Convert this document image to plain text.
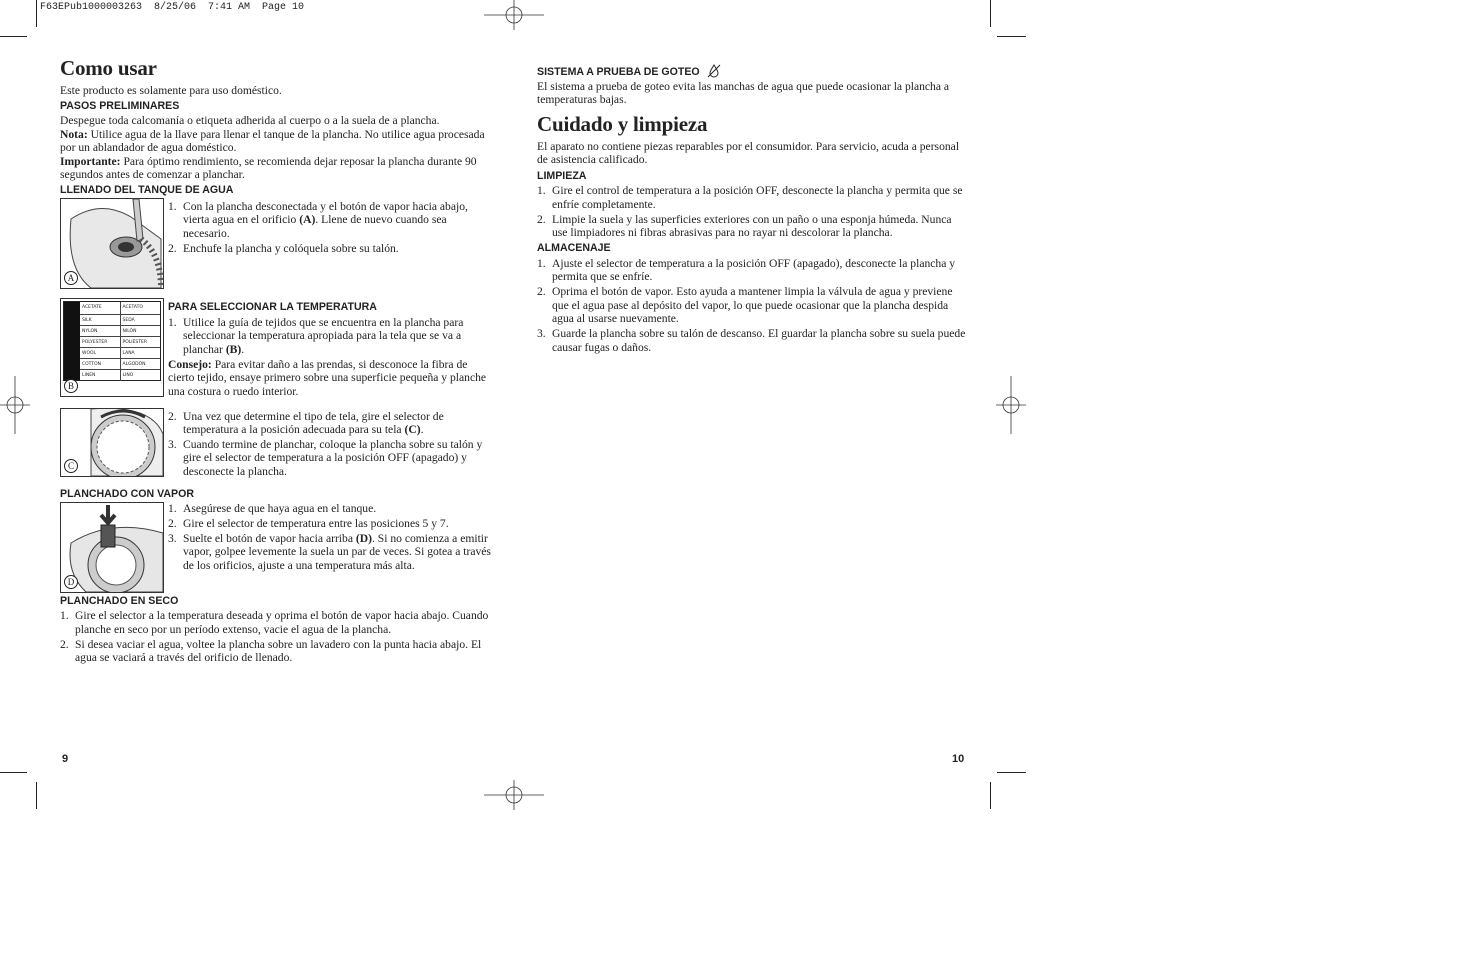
F63EPub1000003263  8/25/06  7:41 AM  Page 10
Como usar

Este producto es solamente para uso doméstico.

PASOS PRELIMINARES

Despegue toda calcomanía o etiqueta adherida al cuerpo o a la suela de a plancha.

Nota: Utilice agua de la llave para llenar el tanque de la plancha. No utilice agua procesada por un ablandador de agua doméstico.

Importante: Para óptimo rendimiento, se recomienda dejar reposar la plancha durante 90 segundos antes de comenzar a planchar.

LLENADO DEL TANQUE DE AGUA
A
1. Con la plancha desconectada y el botón de vapor hacia abajo, vierta agua en el orificio (A). Llene de nuevo cuando sea necesario.
2. Enchufe la plancha y colóquela sobre su talón.
ACETATE	ACETATO
SILK	SEDA
NYLON	NILÓN
POLYESTER	POLIÉSTER
WOOL	LANA
COTTON	ALGODÓN
LINEN	LINO
B
PARA SELECCIONAR LA TEMPERATURA
1. Utilice la guía de tejidos que se encuentra en la plancha para seleccionar la temperatura apropiada para la tela que se va a planchar (B).

Consejo: Para evitar daño a las prendas, si desconoce la fibra de cierto tejido, ensaye primero sobre una superficie pequeña y planche una costura o ruedo interior.

C
2. Una vez que determine el tipo de tela, gire el selector de temperatura a la posición adecuada para su tela (C).
3. Cuando termine de planchar, coloque la plancha sobre su talón y gire el selector de temperatura a la posición OFF (apagado) y desconecte la plancha.
PLANCHADO CON VAPOR
D
1. Asegúrese de que haya agua en el tanque.
2. Gire el selector de temperatura entre las posiciones 5 y 7.
3. Suelte el botón de vapor hacia arriba (D). Si no comienza a emitir vapor, golpee levemente la suela un par de veces. Si gotea a través de los orificios, ajuste a una temperatura más alta.
PLANCHADO EN SECO
1. Gire el selector a la temperatura deseada y oprima el botón de vapor hacia abajo. Cuando planche en seco por un período extenso, vacie el agua de la plancha.
2. Si desea vaciar el agua, voltee la plancha sobre un lavadero con la punta hacia abajo. El agua se vaciará a través del orificio de llenado.
9
SISTEMA A PRUEBA DE GOTEO

El sistema a prueba de goteo evita las manchas de agua que puede ocasionar la plancha a temperaturas bajas.

Cuidado y limpieza

El aparato no contiene piezas reparables por el consumidor. Para servicio, acuda a personal de asistencia calificado.

LIMPIEZA
1. Gire el control de temperatura a la posición OFF, desconecte la plancha y permita que se enfríe completamente.
2. Limpie la suela y las superficies exteriores con un paño o una esponja húmeda. Nunca use limpiadores ni fibras abrasivas para no rayar ni descolorar la plancha.
ALMACENAJE
1. Ajuste el selector de temperatura a la posición OFF (apagado), desconecte la plancha y permita que se enfríe.
2. Oprima el botón de vapor. Esto ayuda a mantener limpia la válvula de agua y previene que el agua pase al depósito del vapor, lo que puede ocasionar que la plancha despida agua al usarse nuevamente.
3. Guarde la plancha sobre su talón de descanso. El guardar la plancha sobre su suela puede causar fugas o daños.
10
